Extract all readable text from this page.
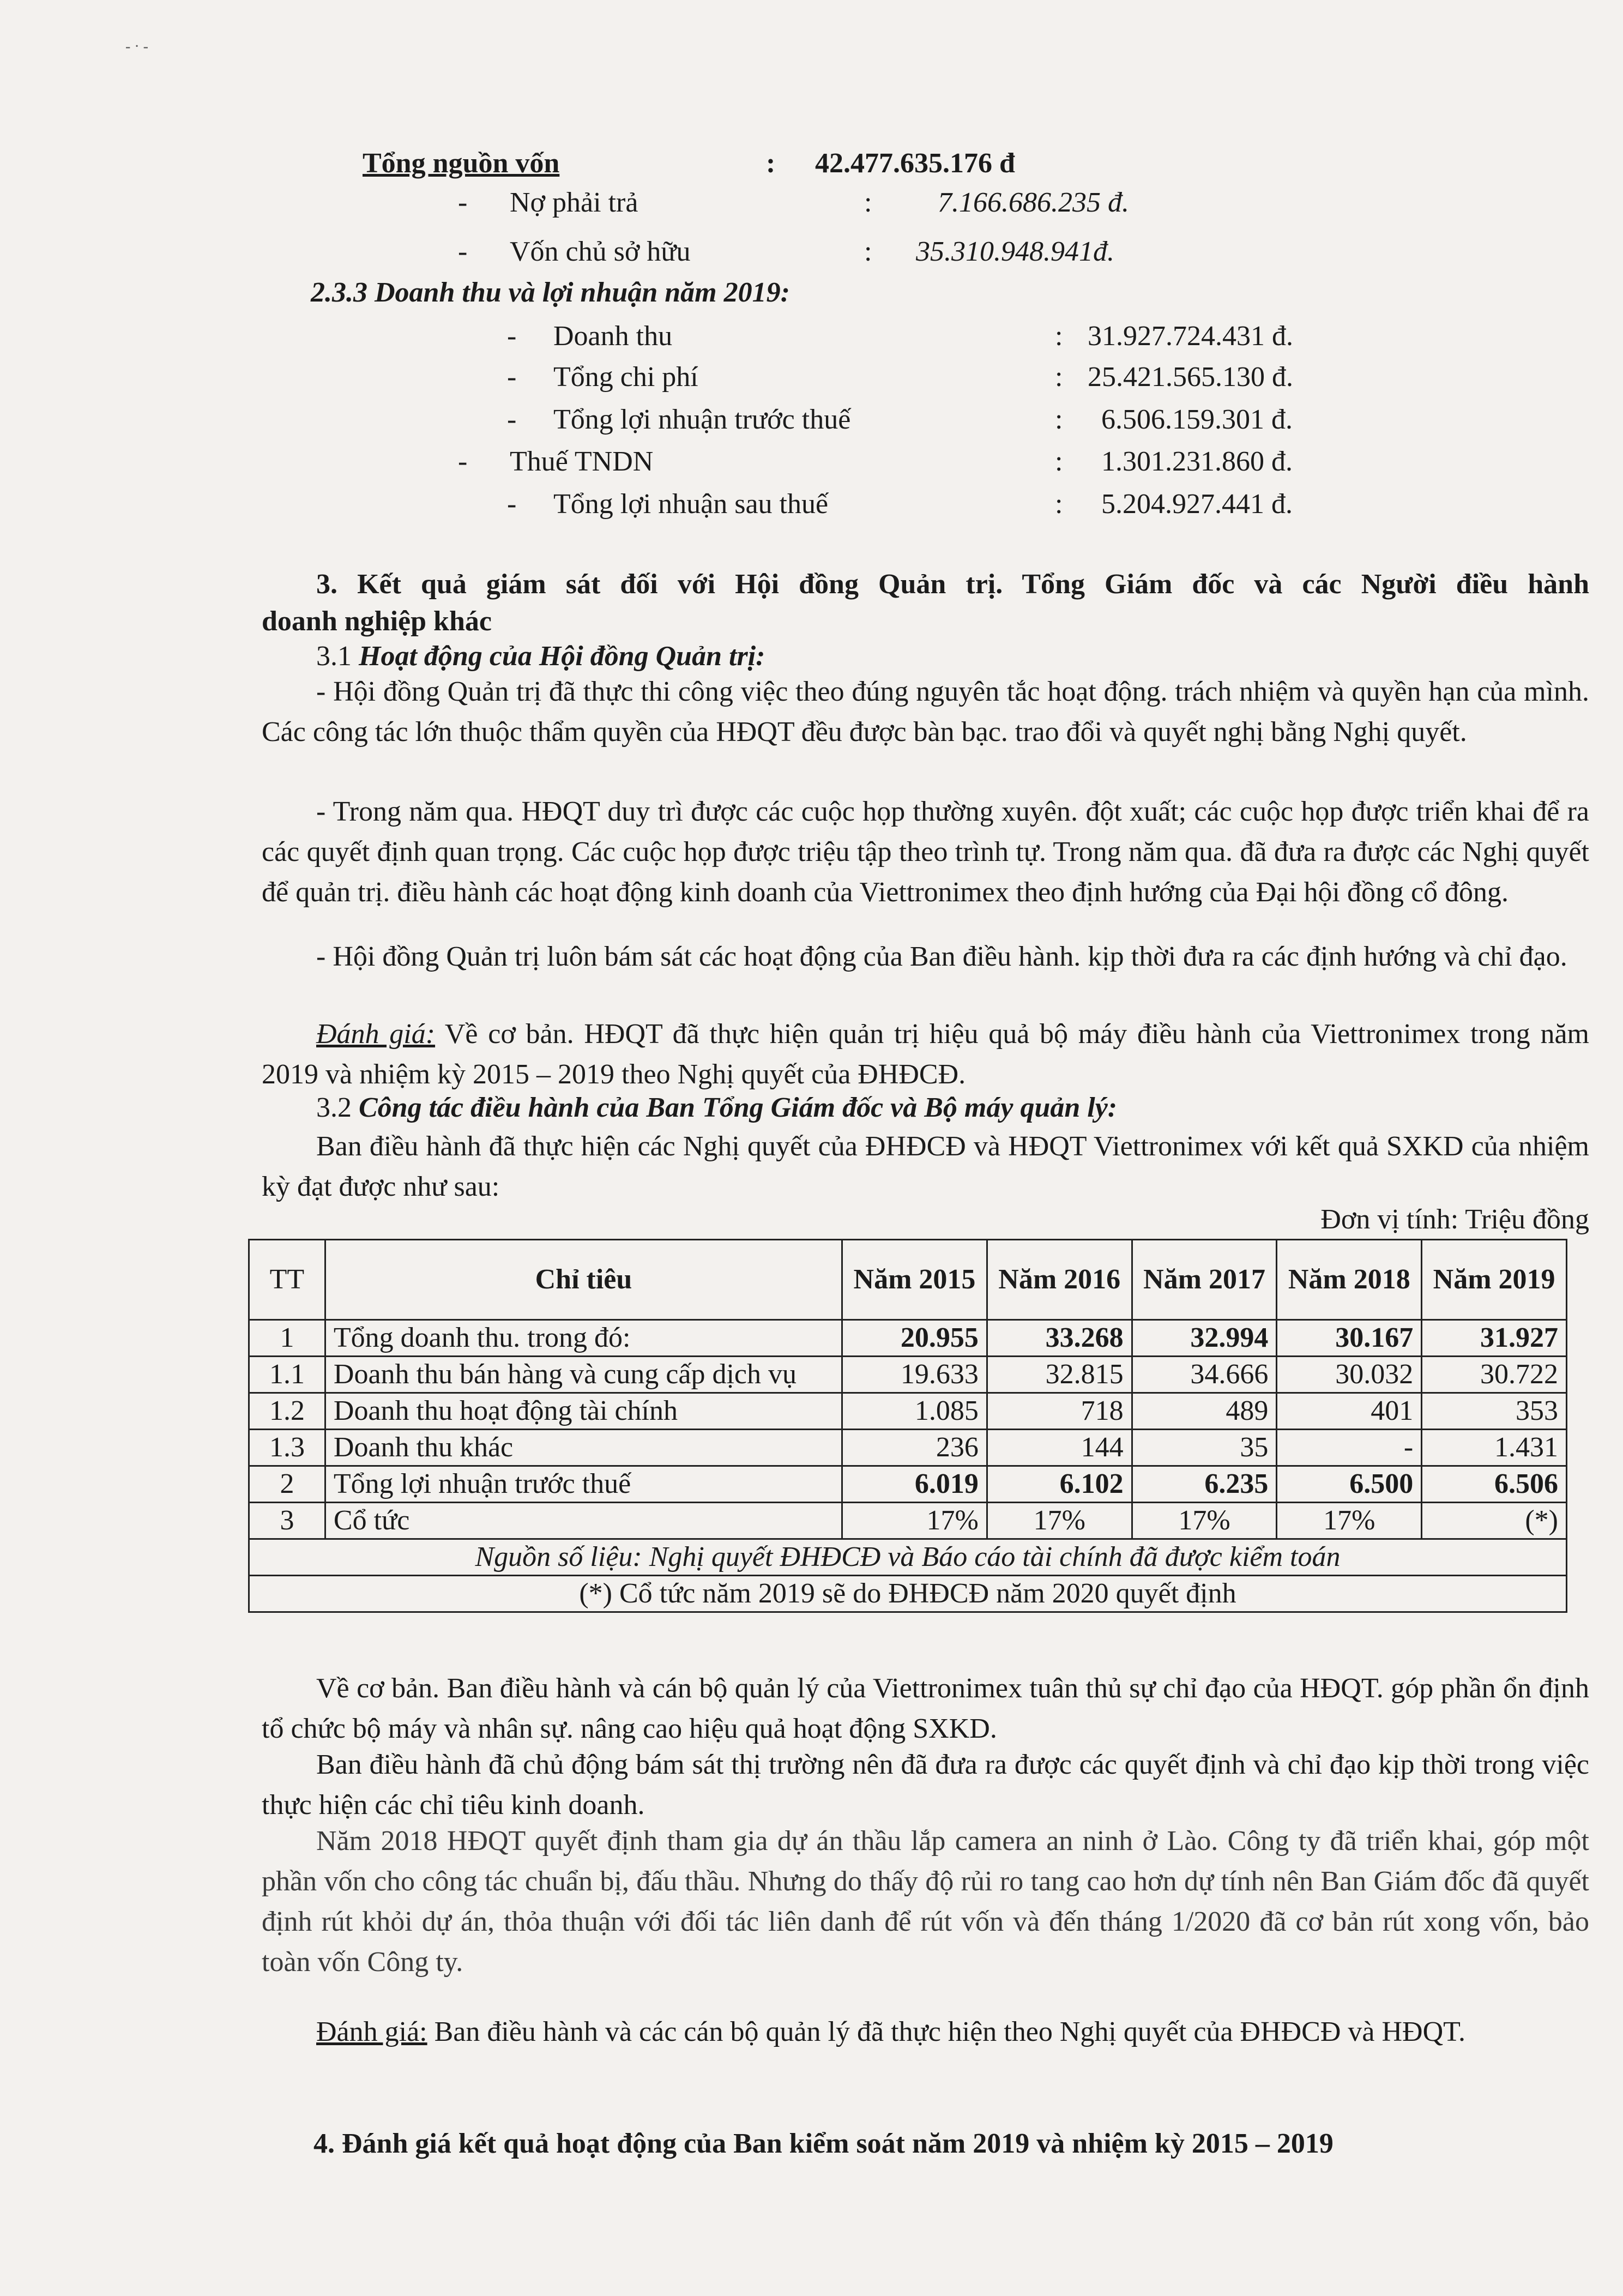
- · -
Tổng nguồn vốn	: 42.477.635.176 đ
- Nợ phải trả	: 7.166.686.235 đ.
- Vốn chủ sở hữu	: 35.310.948.941đ.
2.3.3 Doanh thu và lợi nhuận năm 2019:
- Doanh thu	: 31.927.724.431 đ.
- Tổng chi phí	: 25.421.565.130 đ.
- Tổng lợi nhuận trước thuế	: 6.506.159.301 đ.
- Thuế TNDN	: 1.301.231.860 đ.
- Tổng lợi nhuận sau thuế	: 5.204.927.441 đ.
3. Kết quả giám sát đối với Hội đồng Quản trị. Tổng Giám đốc và các Người điều hành
doanh nghiệp khác
3.1 Hoạt động của Hội đồng Quản trị:
- Hội đồng Quản trị đã thực thi công việc theo đúng nguyên tắc hoạt động. trách nhiệm và quyền hạn của mình. Các công tác lớn thuộc thẩm quyền của HĐQT đều được bàn bạc. trao đổi và quyết nghị bằng Nghị quyết.
- Trong năm qua. HĐQT duy trì được các cuộc họp thường xuyên. đột xuất; các cuộc họp được triển khai để ra các quyết định quan trọng. Các cuộc họp được triệu tập theo trình tự. Trong năm qua. đã đưa ra được các Nghị quyết để quản trị. điều hành các hoạt động kinh doanh của Viettronimex theo định hướng của Đại hội đồng cổ đông.
- Hội đồng Quản trị luôn bám sát các hoạt động của Ban điều hành. kịp thời đưa ra các định hướng và chỉ đạo.
Đánh giá: Về cơ bản. HĐQT đã thực hiện quản trị hiệu quả bộ máy điều hành của Viettronimex trong năm 2019 và nhiệm kỳ 2015 – 2019 theo Nghị quyết của ĐHĐCĐ.
3.2 Công tác điều hành của Ban Tổng Giám đốc và Bộ máy quản lý:
Ban điều hành đã thực hiện các Nghị quyết của ĐHĐCĐ và HĐQT Viettronimex với kết quả SXKD của nhiệm kỳ đạt được như sau:
Đơn vị tính: Triệu đồng
TT	Chỉ tiêu	Năm 2015	Năm 2016	Năm 2017	Năm 2018	Năm 2019
1	Tổng doanh thu. trong đó:	20.955	33.268	32.994	30.167	31.927
1.1	Doanh thu bán hàng và cung cấp dịch vụ	19.633	32.815	34.666	30.032	30.722
1.2	Doanh thu hoạt động tài chính	1.085	718	489	401	353
1.3	Doanh thu khác	236	144	35	-	1.431
2	Tổng lợi nhuận trước thuế	6.019	6.102	6.235	6.500	6.506
3	Cổ tức	17%	17%	17%	17%	(*)
Nguồn số liệu: Nghị quyết ĐHĐCĐ và Báo cáo tài chính đã được kiểm toán						
(*) Cổ tức năm 2019 sẽ do ĐHĐCĐ năm 2020 quyết định						
Về cơ bản. Ban điều hành và cán bộ quản lý của Viettronimex tuân thủ sự chỉ đạo của HĐQT. góp phần ổn định tổ chức bộ máy và nhân sự. nâng cao hiệu quả hoạt động SXKD.
Ban điều hành đã chủ động bám sát thị trường nên đã đưa ra được các quyết định và chỉ đạo kịp thời trong việc thực hiện các chỉ tiêu kinh doanh.
Năm 2018 HĐQT quyết định tham gia dự án thầu lắp camera an ninh ở Lào. Công ty đã triển khai, góp một phần vốn cho công tác chuẩn bị, đấu thầu. Nhưng do thấy độ rủi ro tang cao hơn dự tính nên Ban Giám đốc đã quyết định rút khỏi dự án, thỏa thuận với đối tác liên danh để rút vốn và đến tháng 1/2020 đã cơ bản rút xong vốn, bảo toàn vốn Công ty.
Đánh giá: Ban điều hành và các cán bộ quản lý đã thực hiện theo Nghị quyết của ĐHĐCĐ và HĐQT.
4. Đánh giá kết quả hoạt động của Ban kiểm soát năm 2019 và nhiệm kỳ 2015 – 2019
